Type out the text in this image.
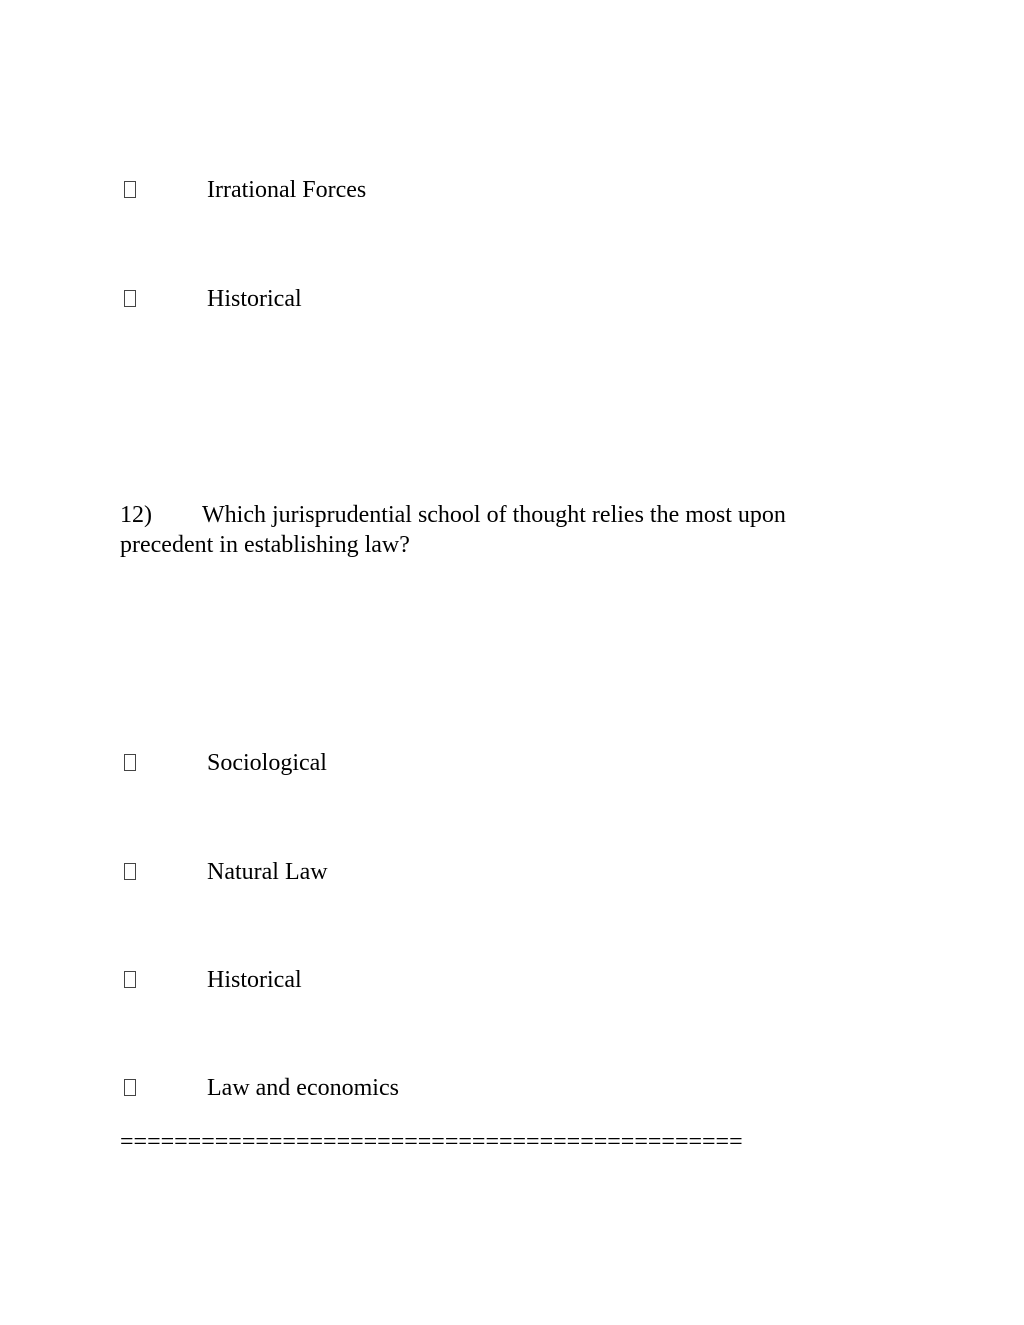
Irrational Forces
Historical
12) Which jurisprudential school of thought relies the most upon precedent in establishing law?
Sociological
Natural Law
Historical
Law and economics
==============================================
